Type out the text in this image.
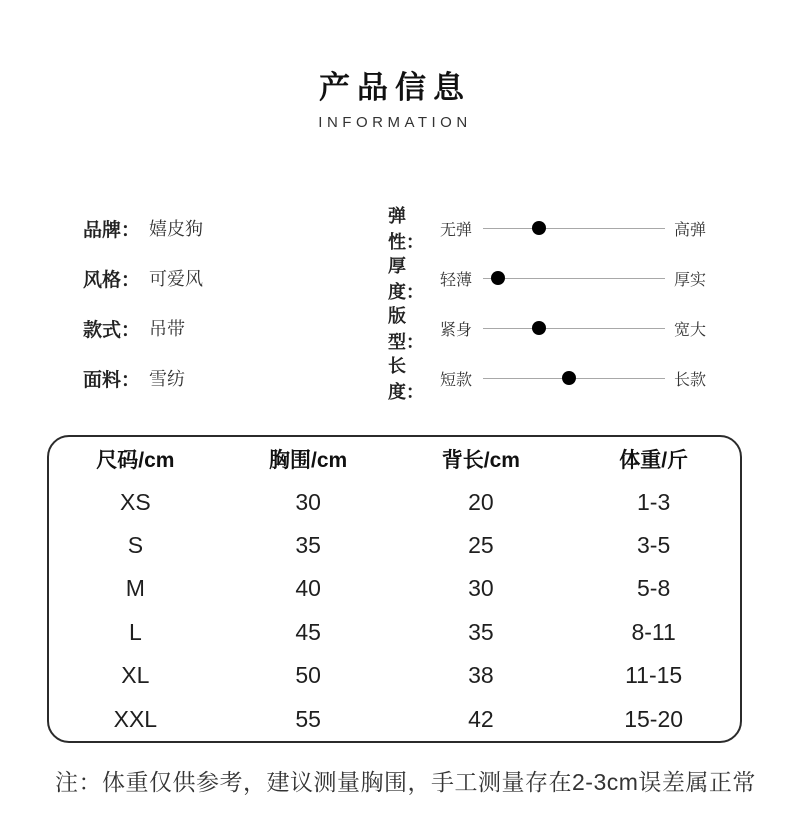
产品信息
INFORMATION
品牌： 嬉皮狗
风格： 可爱风
款式： 吊带
面料： 雪纺
弹性：
无弹	高弹
厚度：
轻薄	厚实
版型：
紧身	宽大
长度：
短款	长款
尺码/cm	胸围/cm	背长/cm	体重/斤
XS	30	20	1-3
S	35	25	3-5
M	40	30	5-8
L	45	35	8-11
XL	50	38	11-15
XXL	55	42	15-20
注：体重仅供参考，建议测量胸围，手工测量存在2-3cm误差属正常
